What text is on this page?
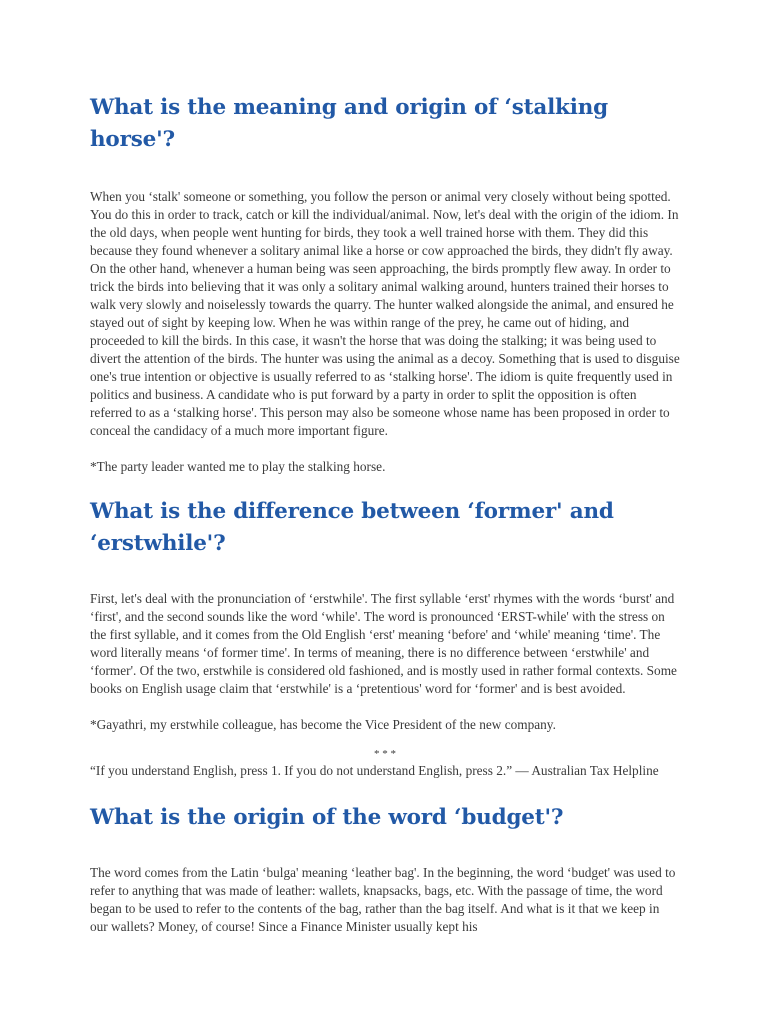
What is the meaning and origin of ‘stalking horse'?

When you ‘stalk' someone or something, you follow the person or animal very closely without being spotted. You do this in order to track, catch or kill the individual/animal. Now, let's deal with the origin of the idiom. In the old days, when people went hunting for birds, they took a well trained horse with them. They did this because they found whenever a solitary animal like a horse or cow approached the birds, they didn't fly away. On the other hand, whenever a human being was seen approaching, the birds promptly flew away. In order to trick the birds into believing that it was only a solitary animal walking around, hunters trained their horses to walk very slowly and noiselessly towards the quarry. The hunter walked alongside the animal, and ensured he stayed out of sight by keeping low. When he was within range of the prey, he came out of hiding, and proceeded to kill the birds. In this case, it wasn't the horse that was doing the stalking; it was being used to divert the attention of the birds. The hunter was using the animal as a decoy. Something that is used to disguise one's true intention or objective is usually referred to as ‘stalking horse'. The idiom is quite frequently used in politics and business. A candidate who is put forward by a party in order to split the opposition is often referred to as a ‘stalking horse'. This person may also be someone whose name has been proposed in order to conceal the candidacy of a much more important figure.

*The party leader wanted me to play the stalking horse.

What is the difference between ‘former' and ‘erstwhile'?

First, let's deal with the pronunciation of ‘erstwhile'. The first syllable ‘erst' rhymes with the words ‘burst' and ‘first', and the second sounds like the word ‘while'. The word is pronounced ‘ERST-while' with the stress on the first syllable, and it comes from the Old English ‘erst' meaning ‘before' and ‘while' meaning ‘time'. The word literally means ‘of former time'. In terms of meaning, there is no difference between ‘erstwhile' and ‘former'. Of the two, erstwhile is considered old fashioned, and is mostly used in rather formal contexts. Some books on English usage claim that ‘erstwhile' is a ‘pretentious' word for ‘former' and is best avoided.

*Gayathri, my erstwhile colleague, has become the Vice President of the new company.

* * *

“If you understand English, press 1. If you do not understand English, press 2.” — Australian Tax Helpline

What is the origin of the word ‘budget'?

The word comes from the Latin ‘bulga' meaning ‘leather bag'. In the beginning, the word ‘budget' was used to refer to anything that was made of leather: wallets, knapsacks, bags, etc. With the passage of time, the word began to be used to refer to the contents of the bag, rather than the bag itself. And what is it that we keep in our wallets? Money, of course! Since a Finance Minister usually kept his
